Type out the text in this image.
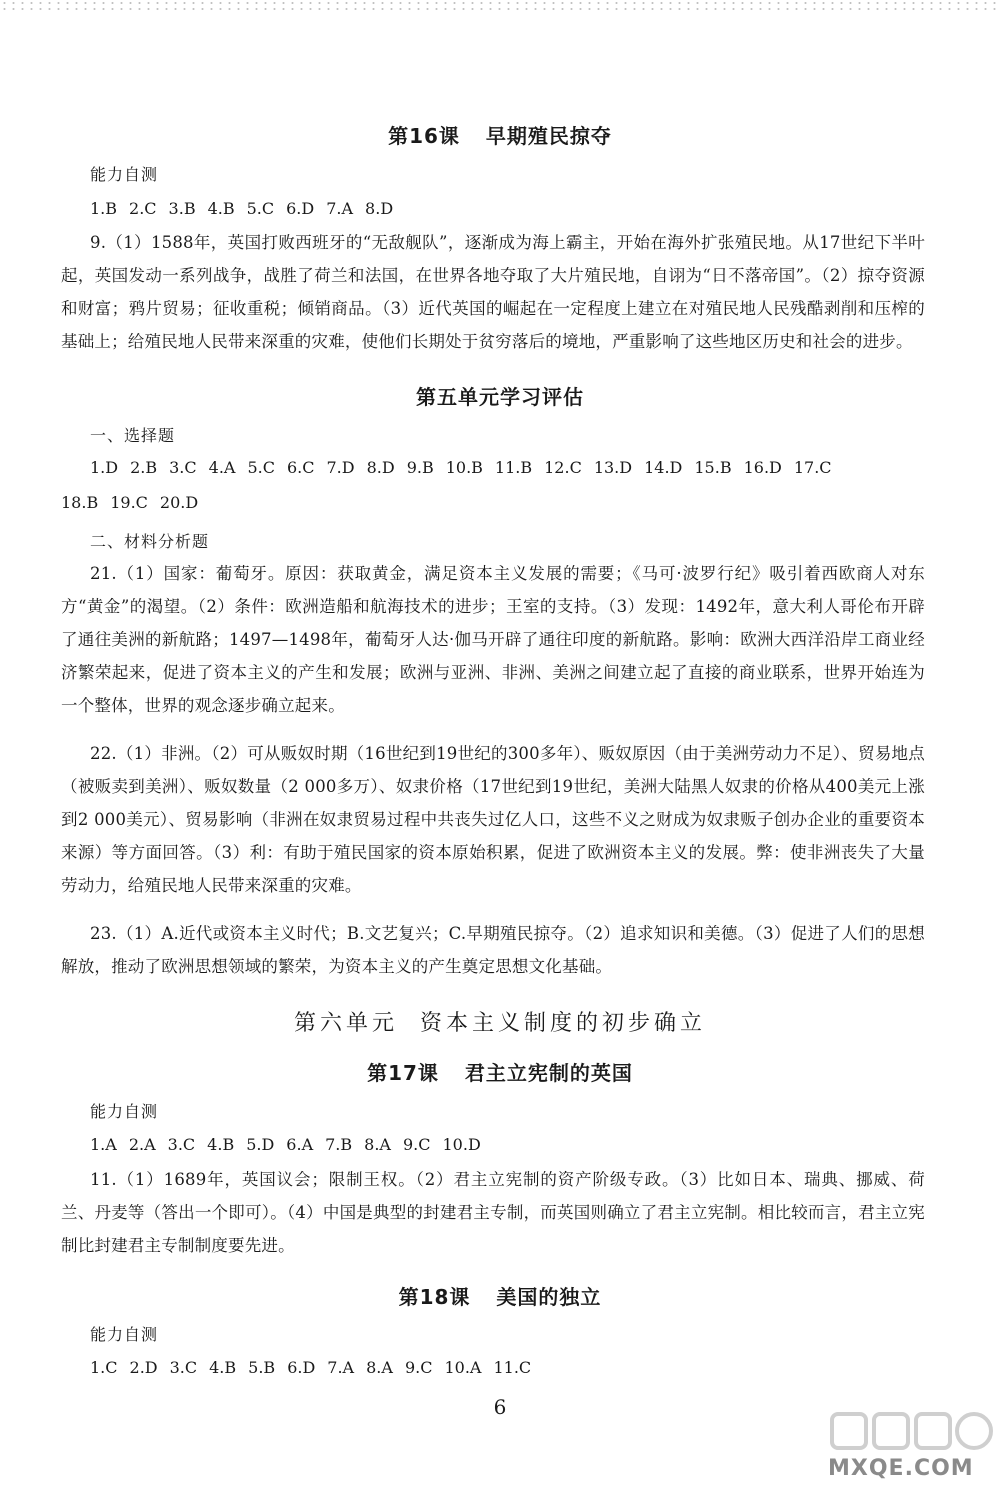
第16课 早期殖民掠夺
能力自测
1.B 2.C 3.B 4.B 5.C 6.D 7.A 8.D
9.（1）1588年，英国打败西班牙的“无敌舰队”，逐渐成为海上霸主，开始在海外扩张殖民地。从17世纪下半叶起，英国发动一系列战争，战胜了荷兰和法国，在世界各地夺取了大片殖民地，自诩为“日不落帝国”。（2）掠夺资源和财富；鸦片贸易；征收重税；倾销商品。（3）近代英国的崛起在一定程度上建立在对殖民地人民残酷剥削和压榨的基础上；给殖民地人民带来深重的灾难，使他们长期处于贫穷落后的境地，严重影响了这些地区历史和社会的进步。
第五单元学习评估
一、选择题
1.D 2.B 3.C 4.A 5.C 6.C 7.D 8.D 9.B 10.B 11.B 12.C 13.D 14.D 15.B 16.D 17.C
18.B 19.C 20.D
二、材料分析题
21.（1）国家：葡萄牙。原因：获取黄金，满足资本主义发展的需要；《马可·波罗行纪》吸引着西欧商人对东方“黄金”的渴望。（2）条件：欧洲造船和航海技术的进步；王室的支持。（3）发现：1492年，意大利人哥伦布开辟了通往美洲的新航路；1497—1498年，葡萄牙人达·伽马开辟了通往印度的新航路。影响：欧洲大西洋沿岸工商业经济繁荣起来，促进了资本主义的产生和发展；欧洲与亚洲、非洲、美洲之间建立起了直接的商业联系，世界开始连为一个整体，世界的观念逐步确立起来。
22.（1）非洲。（2）可从贩奴时期（16世纪到19世纪的300多年）、贩奴原因（由于美洲劳动力不足）、贸易地点（被贩卖到美洲）、贩奴数量（2 000多万）、奴隶价格（17世纪到19世纪，美洲大陆黑人奴隶的价格从400美元上涨到2 000美元）、贸易影响（非洲在奴隶贸易过程中共丧失过亿人口，这些不义之财成为奴隶贩子创办企业的重要资本来源）等方面回答。（3）利：有助于殖民国家的资本原始积累，促进了欧洲资本主义的发展。弊：使非洲丧失了大量劳动力，给殖民地人民带来深重的灾难。
23.（1）A.近代或资本主义时代；B.文艺复兴；C.早期殖民掠夺。（2）追求知识和美德。（3）促进了人们的思想解放，推动了欧洲思想领域的繁荣，为资本主义的产生奠定思想文化基础。
第六单元 资本主义制度的初步确立
第17课 君主立宪制的英国
能力自测
1.A 2.A 3.C 4.B 5.D 6.A 7.B 8.A 9.C 10.D
11.（1）1689年，英国议会；限制王权。（2）君主立宪制的资产阶级专政。（3）比如日本、瑞典、挪威、荷兰、丹麦等（答出一个即可）。（4）中国是典型的封建君主专制，而英国则确立了君主立宪制。相比较而言，君主立宪制比封建君主专制制度要先进。
第18课 美国的独立
能力自测
1.C 2.D 3.C 4.B 5.B 6.D 7.A 8.A 9.C 10.A 11.C
6
MXQE.COM
